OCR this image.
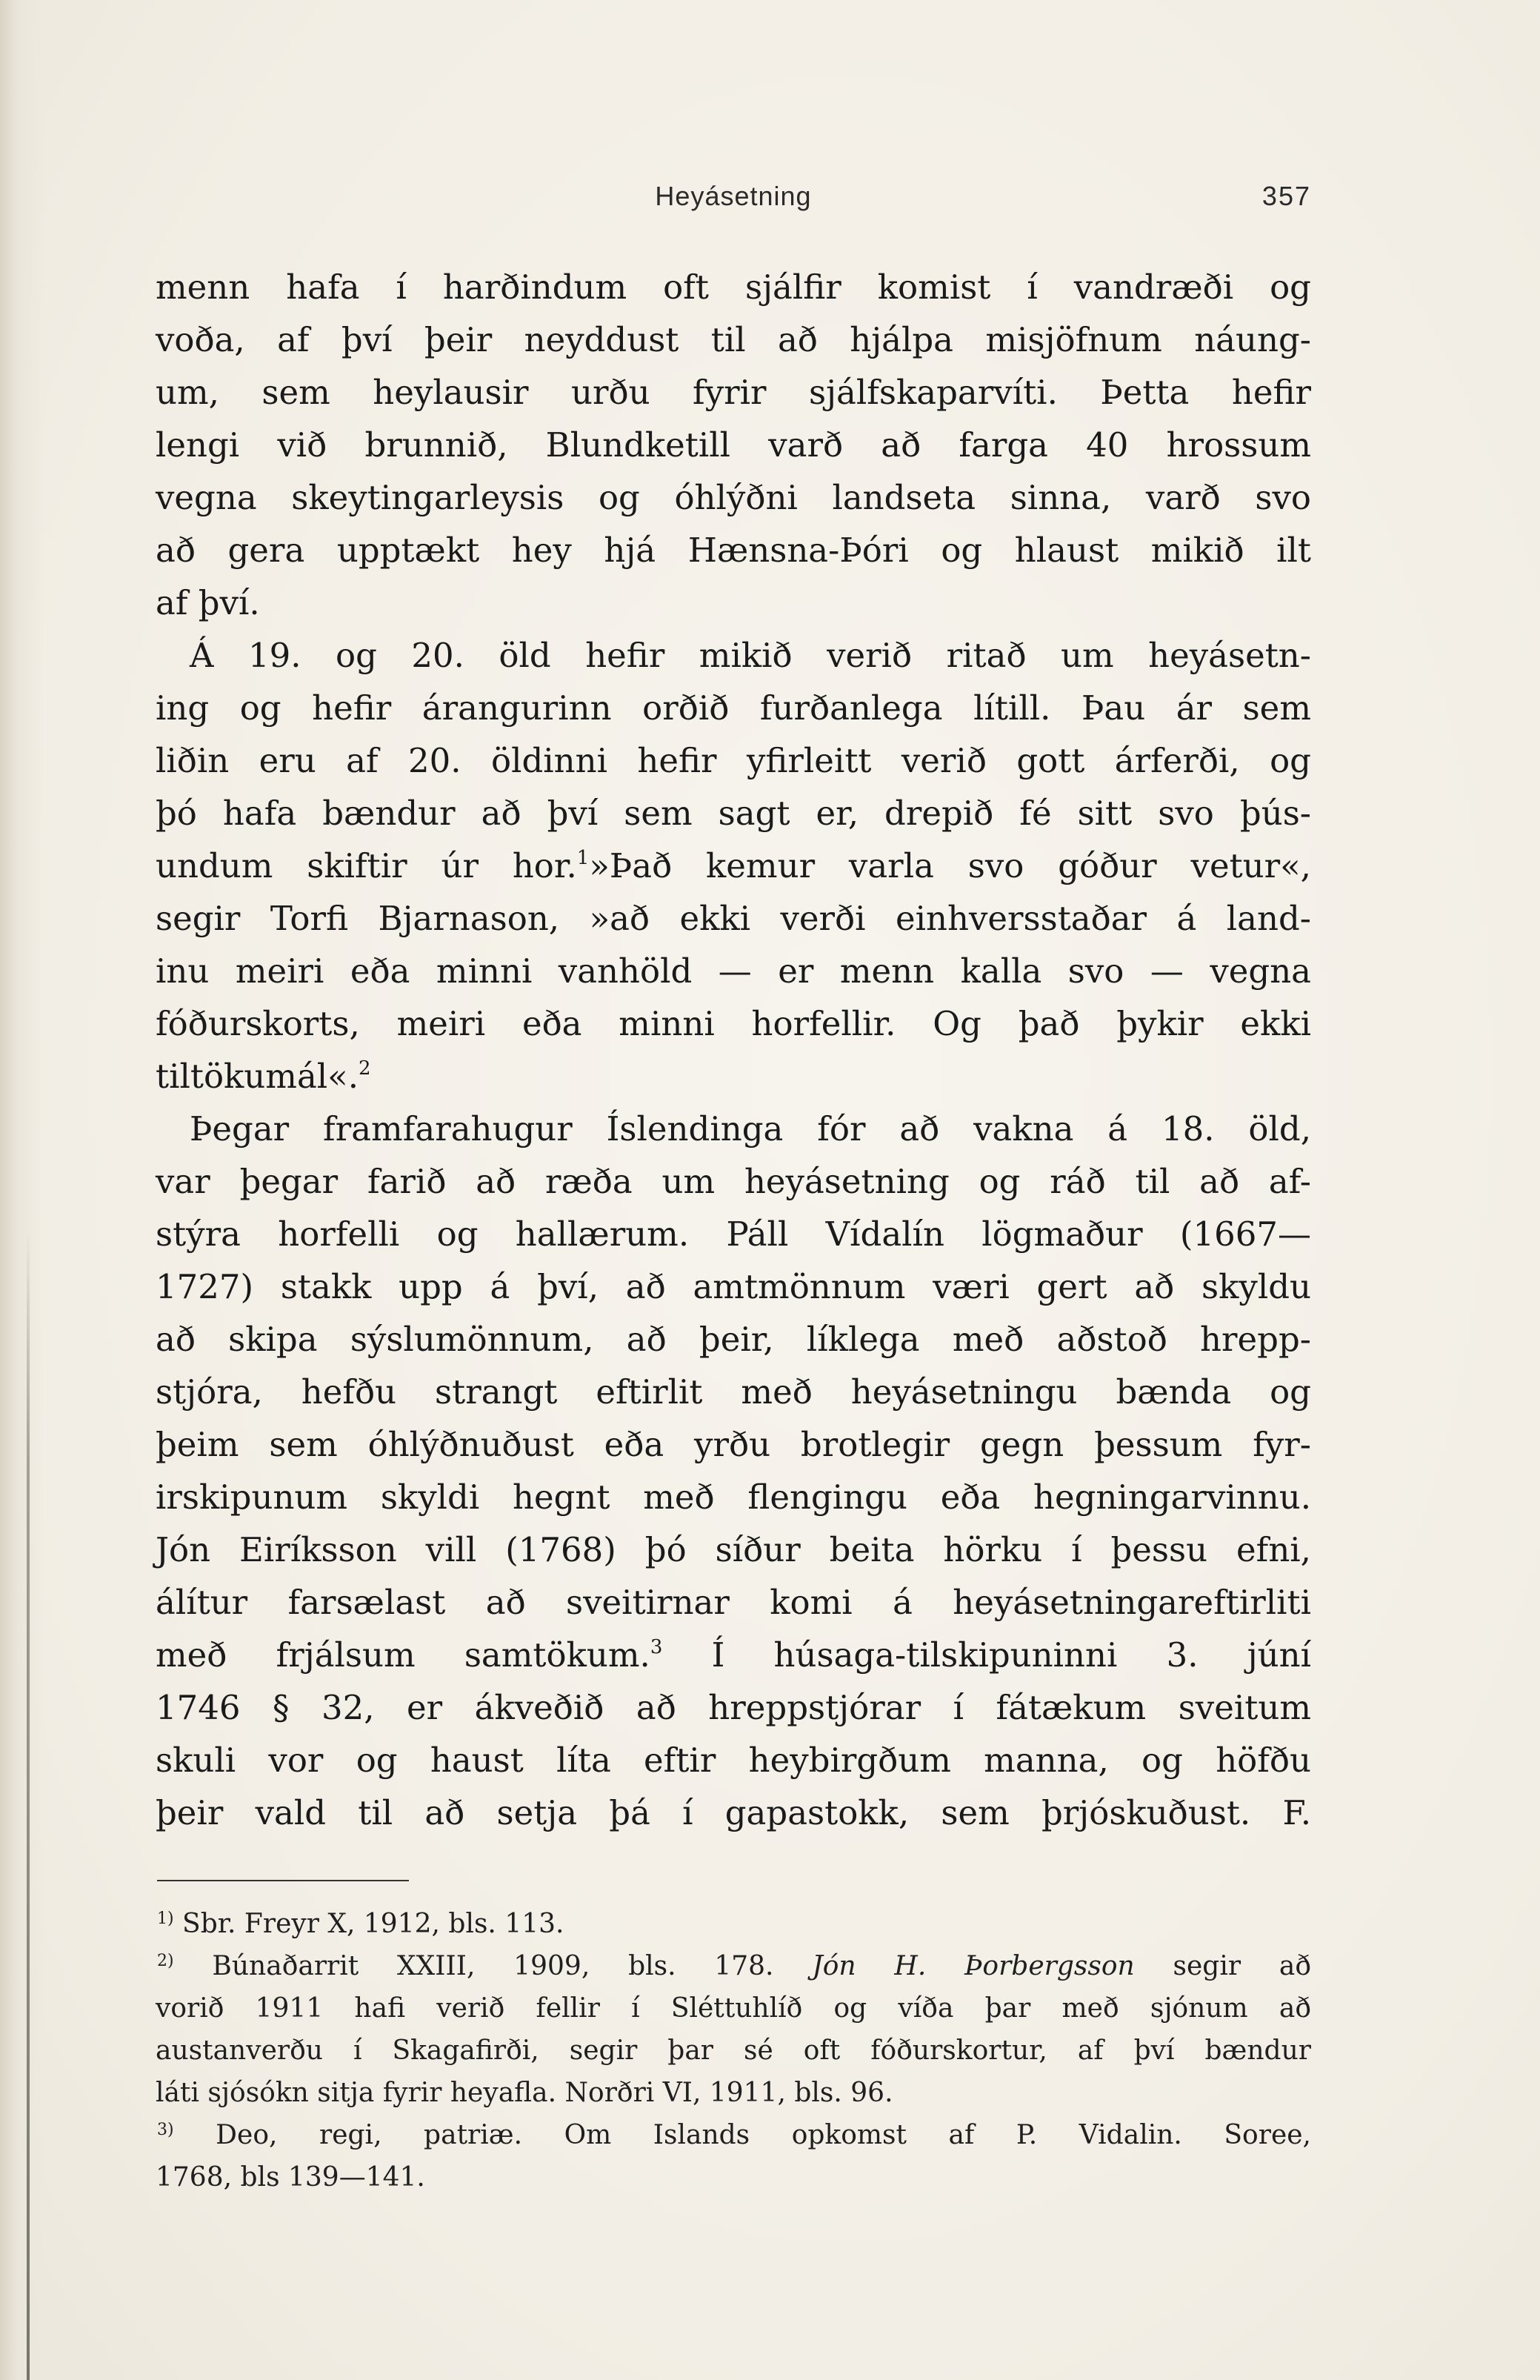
Heyásetning	357
menn hafa í harðindum oft sjálfir komist í vandræði og
voða, af því þeir neyddust til að hjálpa misjöfnum náung-
um, sem heylausir urðu fyrir sjálfskaparvíti. Þetta hefir
lengi við brunnið, Blundketill varð að farga 40 hrossum
vegna skeytingarleysis og óhlýðni landseta sinna, varð svo
að gera upptækt hey hjá Hænsna-Þóri og hlaust mikið ilt
af því.
Á 19. og 20. öld hefir mikið verið ritað um heyásetn-
ing og hefir árangurinn orðið furðanlega lítill. Þau ár sem
liðin eru af 20. öldinni hefir yfirleitt verið gott árferði, og
þó hafa bændur að því sem sagt er, drepið fé sitt svo þús-
undum skiftir úr hor.$^1$»Það kemur varla svo góður vetur«,
segir Torfi Bjarnason, »að ekki verði einhversstaðar á land-
inu meiri eða minni vanhöld — er menn kalla svo — vegna
fóðurskorts, meiri eða minni horfellir. Og það þykir ekki
tiltökumál«.$^2$
Þegar framfarahugur Íslendinga fór að vakna á 18. öld,
var þegar farið að ræða um heyásetning og ráð til að af-
stýra horfelli og hallærum. Páll Vídalín lögmaður (1667—
1727) stakk upp á því, að amtmönnum væri gert að skyldu
að skipa sýslumönnum, að þeir, líklega með aðstoð hrepp-
stjóra, hefðu strangt eftirlit með heyásetningu bænda og
þeim sem óhlýðnuðust eða yrðu brotlegir gegn þessum fyr-
irskipunum skyldi hegnt með flengingu eða hegningarvinnu.
Jón Eiríksson vill (1768) þó síður beita hörku í þessu efni,
álítur farsælast að sveitirnar komi á heyásetningareftirliti
með frjálsum samtökum.$^3$ Í húsaga-tilskipuninni 3. júní
1746 § 32, er ákveðið að hreppstjórar í fátækum sveitum
skuli vor og haust líta eftir heybirgðum manna, og höfðu
þeir vald til að setja þá í gapastokk, sem þrjóskuðust. F.
$^{1)}$ Sbr. Freyr X, 1912, bls. 113.
$^{2)}$ Búnaðarrit XXIII, 1909, bls. 178. Jón H. Þorbergsson segir að
vorið 1911 hafi verið fellir í Sléttuhlíð og víða þar með sjónum að
austanverðu í Skagafirði, segir þar sé oft fóðurskortur, af því bændur
láti sjósókn sitja fyrir heyafla. Norðri VI, 1911, bls. 96.
$^{3)}$ Deo, regi, patriæ. Om Islands opkomst af P. Vidalin. Soree,
1768, bls 139—141.
